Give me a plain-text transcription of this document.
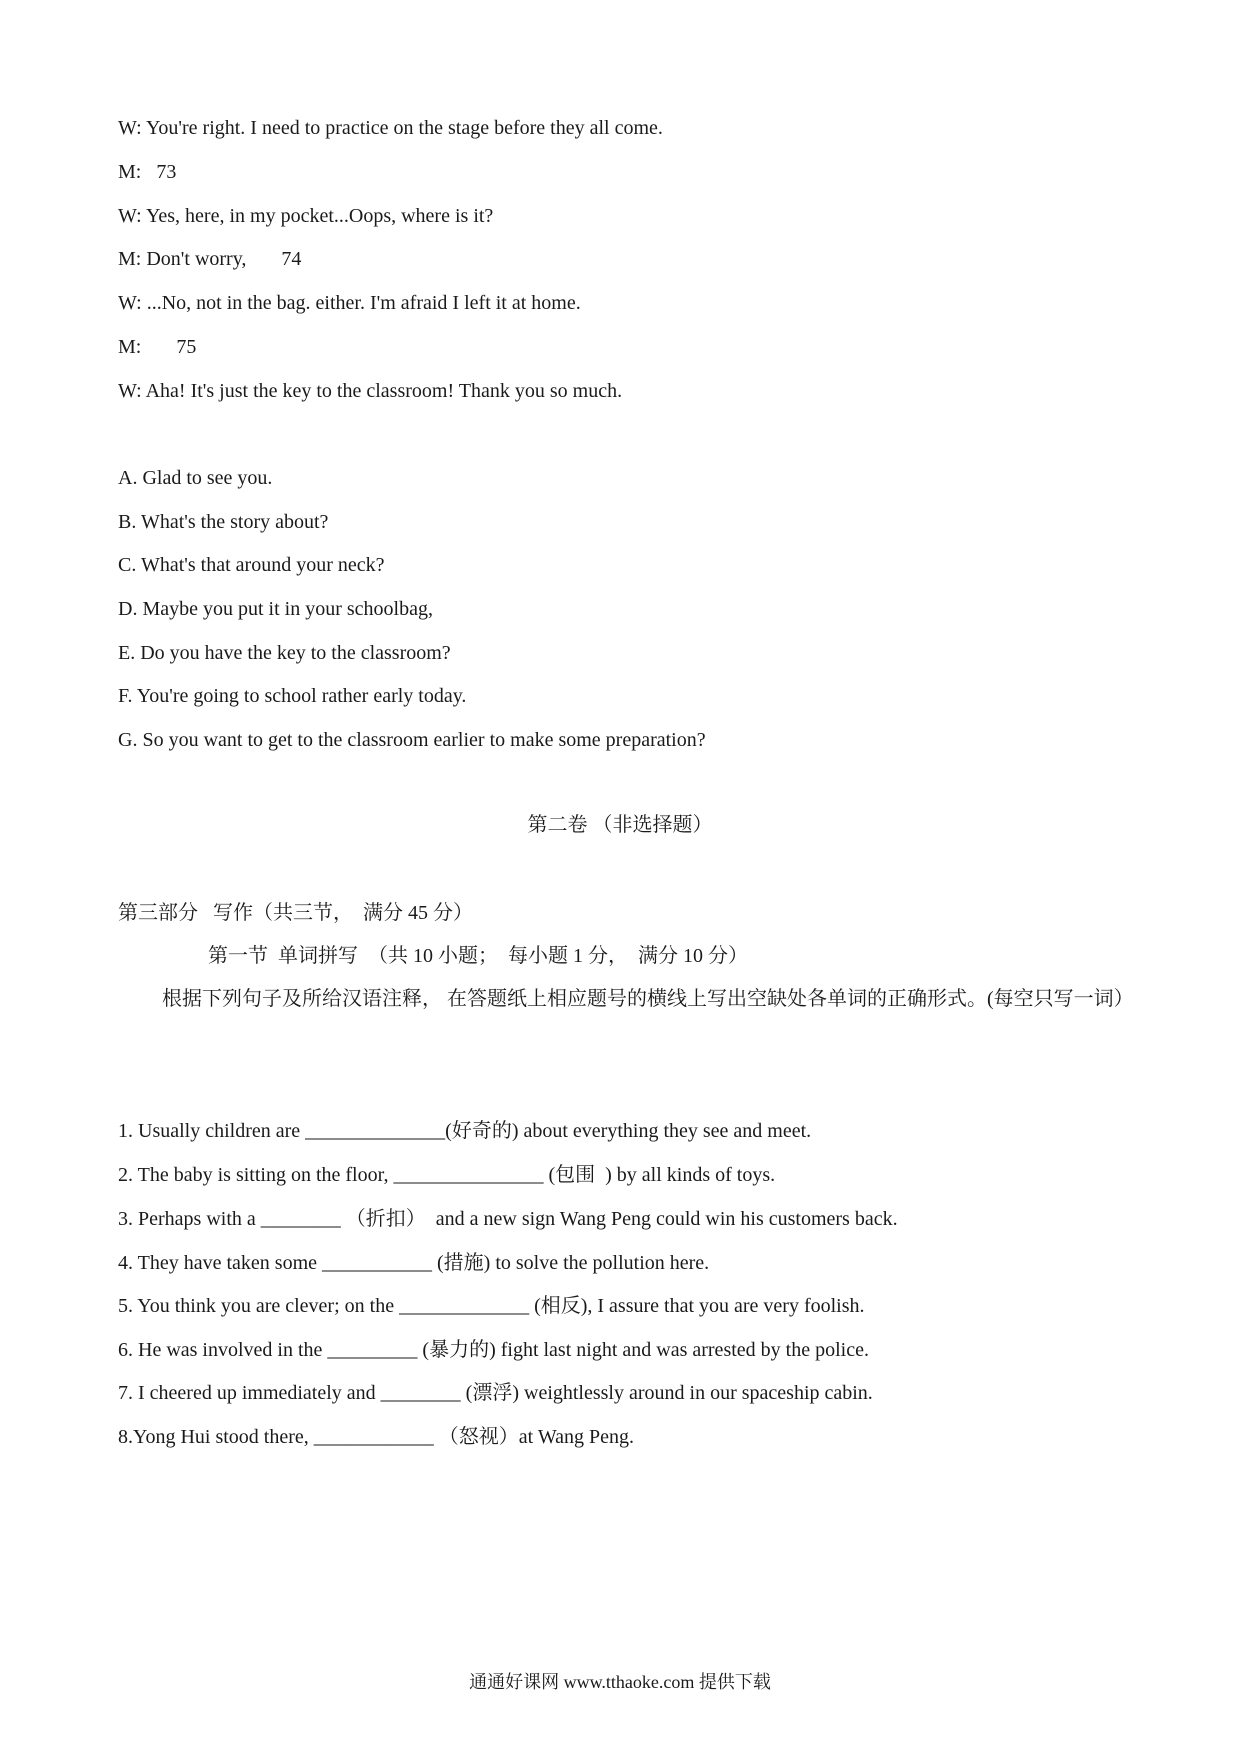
W: You're right. I need to practice on the stage before they all come.
M:   73
W: Yes, here, in my pocket...Oops, where is it?
M: Don't worry,       74
W: ...No, not in the bag. either. I'm afraid I left it at home.
M:       75
W: Aha! It's just the key to the classroom! Thank you so much.
A. Glad to see you.
B. What's the story about?
C. What's that around your neck?
D. Maybe you put it in your schoolbag,
E. Do you have the key to the classroom?
F. You're going to school rather early today.
G. So you want to get to the classroom earlier to make some preparation?
第二卷 （非选择题）
第三部分   写作（共三节，  满分 45 分）
第一节  单词拼写  （共 10 小题；  每小题 1 分，  满分 10 分）
根据下列句子及所给汉语注释， 在答题纸上相应题号的横线上写出空缺处各单词的正确形式。(每空只写一词）
1. Usually children are ______________(好奇的) about everything they see and meet.
2. The baby is sitting on the floor, _______________ (包围  ) by all kinds of toys.
3. Perhaps with a ________ （折扣）  and a new sign Wang Peng could win his customers back.
4. They have taken some ___________ (措施) to solve the pollution here.
5. You think you are clever; on the _____________ (相反), I assure that you are very foolish.
6. He was involved in the _________ (暴力的) fight last night and was arrested by the police.
7. I cheered up immediately and ________ (漂浮) weightlessly around in our spaceship cabin.
8.Yong Hui stood there, ____________ （怒视）at Wang Peng.
通通好课网 www.tthaoke.com 提供下载
